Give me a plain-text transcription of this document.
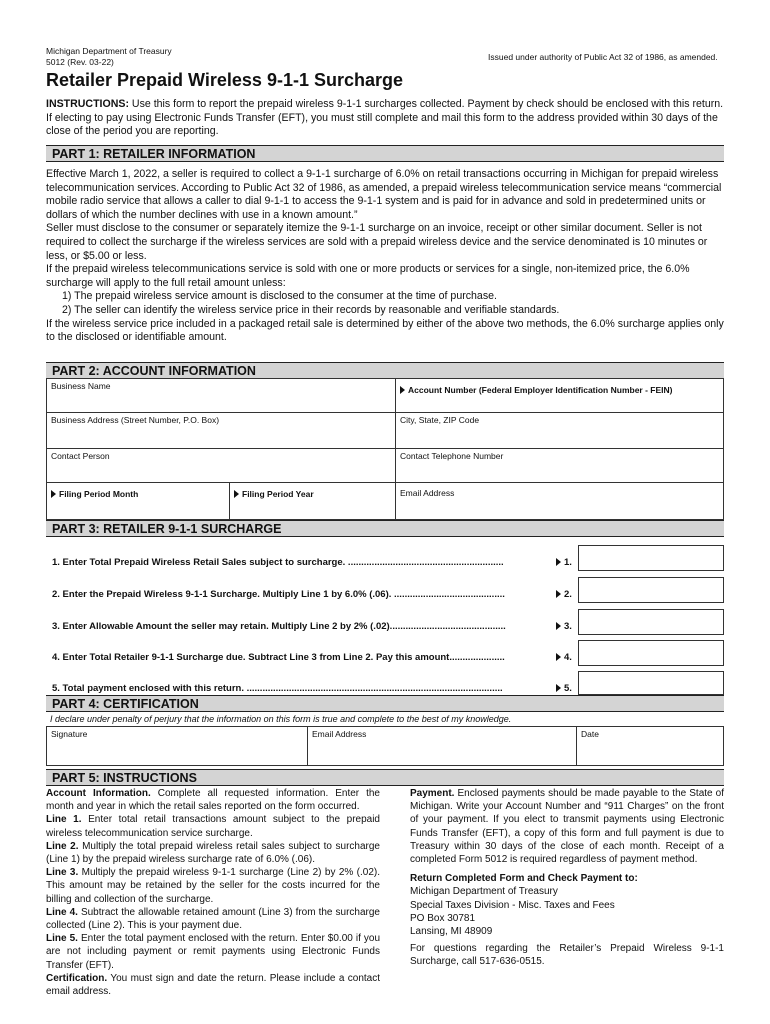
Michigan Department of Treasury
5012 (Rev. 03-22)	Issued under authority of Public Act 32 of 1986, as amended.
Retailer Prepaid Wireless 9-1-1 Surcharge
INSTRUCTIONS: Use this form to report the prepaid wireless 9-1-1 surcharges collected. Payment by check should be enclosed with this return. If electing to pay using Electronic Funds Transfer (EFT), you must still complete and mail this form to the address provided within 30 days of the close of the period you are reporting.
PART 1: RETAILER INFORMATION
Effective March 1, 2022, a seller is required to collect a 9-1-1 surcharge of 6.0% on retail transactions occurring in Michigan for prepaid wireless telecommunication services. According to Public Act 32 of 1986, as amended, a prepaid wireless telecommunication service means “commercial mobile radio service that allows a caller to dial 9-1-1 to access the 9-1-1 system and is paid for in advance and sold in predetermined units or dollars of which the number declines with use in a known amount.”
Seller must disclose to the consumer or separately itemize the 9-1-1 surcharge on an invoice, receipt or other similar document. Seller is not required to collect the surcharge if the wireless services are sold with a prepaid wireless device and the service denominated is 10 minutes or less, or $5.00 or less.
If the prepaid wireless telecommunications service is sold with one or more products or services for a single, non-itemized price, the 6.0% surcharge will apply to the full retail amount unless:
1) The prepaid wireless service amount is disclosed to the consumer at the time of purchase.
2) The seller can identify the wireless service price in their records by reasonable and verifiable standards.
If the wireless service price included in a packaged retail sale is determined by either of the above two methods, the 6.0% surcharge applies only to the disclosed or identifiable amount.
PART 2: ACCOUNT INFORMATION
Business Name	Account Number (Federal Employer Identification Number - FEIN)
Business Address (Street Number, P.O. Box)	City, State, ZIP Code
Contact Person	Contact Telephone Number
Filing Period Month	Filing Period Year	Email Address
PART 3: RETAILER 9-1-1 SURCHARGE
1. Enter Total Prepaid Wireless Retail Sales subject to surcharge. ...........................................................	1.
2. Enter the Prepaid Wireless 9-1-1 Surcharge. Multiply Line 1 by 6.0% (.06). ..........................................	2.
3. Enter Allowable Amount the seller may retain. Multiply Line 2 by 2% (.02)............................................	3.
4. Enter Total Retailer 9-1-1 Surcharge due. Subtract Line 3 from Line 2. Pay this amount.....................	4.
5. Total payment enclosed with this return. .................................................................................................	5.
PART 4: CERTIFICATION
I declare under penalty of perjury that the information on this form is true and complete to the best of my knowledge.
Signature	Email Address	Date
PART 5: INSTRUCTIONS
Account Information. Complete all requested information. Enter the month and year in which the retail sales reported on the form occurred.
Line 1. Enter total retail transactions amount subject to the prepaid wireless telecommunication service surcharge.
Line 2. Multiply the total prepaid wireless retail sales subject to surcharge (Line 1) by the prepaid wireless surcharge rate of 6.0% (.06).
Line 3. Multiply the prepaid wireless 9-1-1 surcharge (Line 2) by 2% (.02). This amount may be retained by the seller for the costs incurred for the billing and collection of the surcharge.
Line 4. Subtract the allowable retained amount (Line 3) from the surcharge collected (Line 2). This is your payment due.
Line 5. Enter the total payment enclosed with the return. Enter $0.00 if you are not including payment or remit payments using Electronic Funds Transfer (EFT).
Certification. You must sign and date the return. Please include a contact email address.
Payment. Enclosed payments should be made payable to the State of Michigan. Write your Account Number and “911 Charges” on the front of your payment. If you elect to transmit payments using Electronic Funds Transfer (EFT), a copy of this form and full payment is due to Treasury within 30 days of the close of each month. Receipt of a completed Form 5012 is required regardless of payment method.
Return Completed Form and Check Payment to:
Michigan Department of Treasury
Special Taxes Division - Misc. Taxes and Fees
PO Box 30781
Lansing, MI 48909
For questions regarding the Retailer’s Prepaid Wireless 9-1-1 Surcharge, call 517-636-0515.
